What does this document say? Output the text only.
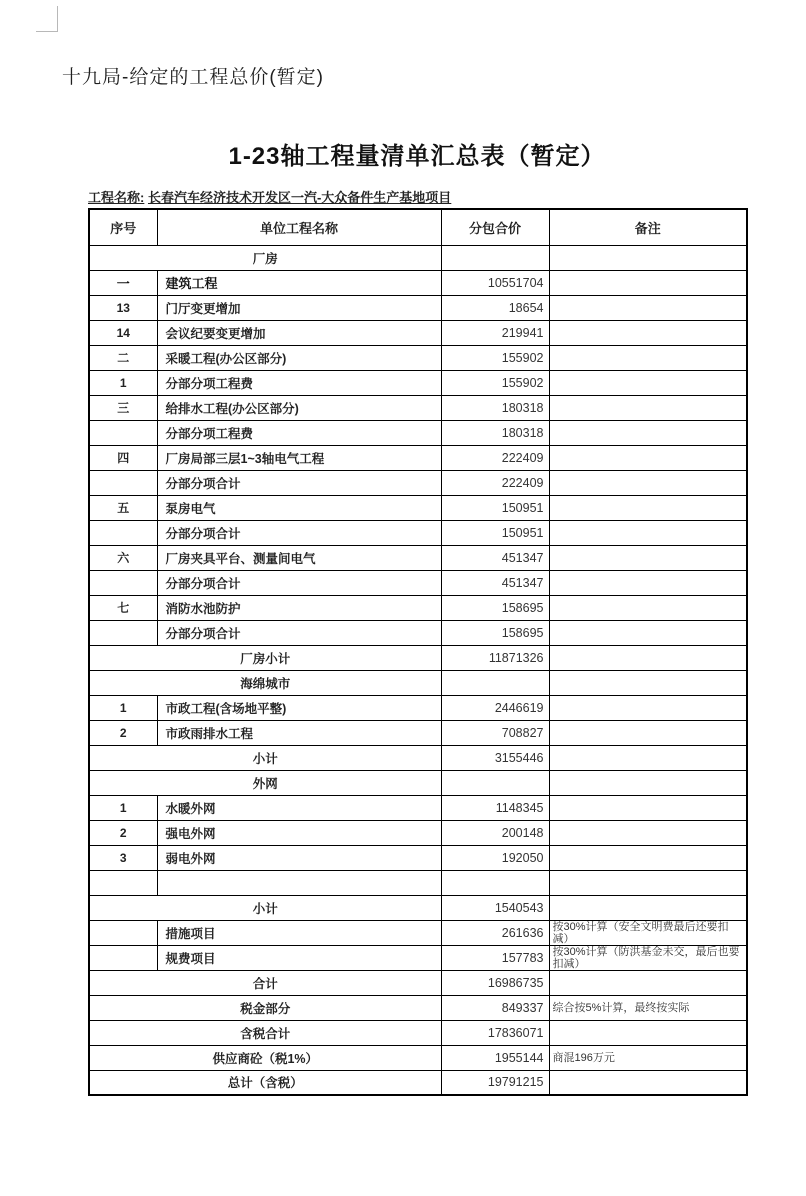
十九局-给定的工程总价(暂定)
1-23轴工程量清单汇总表（暂定）
工程名称: 长春汽车经济技术开发区一汽-大众备件生产基地项目
序号	单位工程名称	分包合价	备注
厂房			
一	建筑工程	10551704	
13	门厅变更增加	18654	
14	会议纪要变更增加	219941	
二	采暖工程(办公区部分)	155902	
1	分部分项工程费	155902	
三	给排水工程(办公区部分)	180318	
	分部分项工程费	180318	
四	厂房局部三层1~3轴电气工程	222409	
	分部分项合计	222409	
五	泵房电气	150951	
	分部分项合计	150951	
六	厂房夹具平台、测量间电气	451347	
	分部分项合计	451347	
七	消防水池防护	158695	
	分部分项合计	158695	
厂房小计		11871326	
海绵城市			
1	市政工程(含场地平整)	2446619	
2	市政雨排水工程	708827	
小计		3155446	
外网			
1	水暖外网	1148345	
2	强电外网	200148	
3	弱电外网	192050	

小计		1540543	
	措施项目	261636	按30%计算（安全文明费最后还要扣减）
	规费项目	157783	按30%计算（防洪基金未交，最后也要扣减）
合计		16986735	
税金部分		849337	综合按5%计算，最终按实际
含税合计		17836071	
供应商砼（税1%）		1955144	商混196万元
总计（含税）		19791215	
